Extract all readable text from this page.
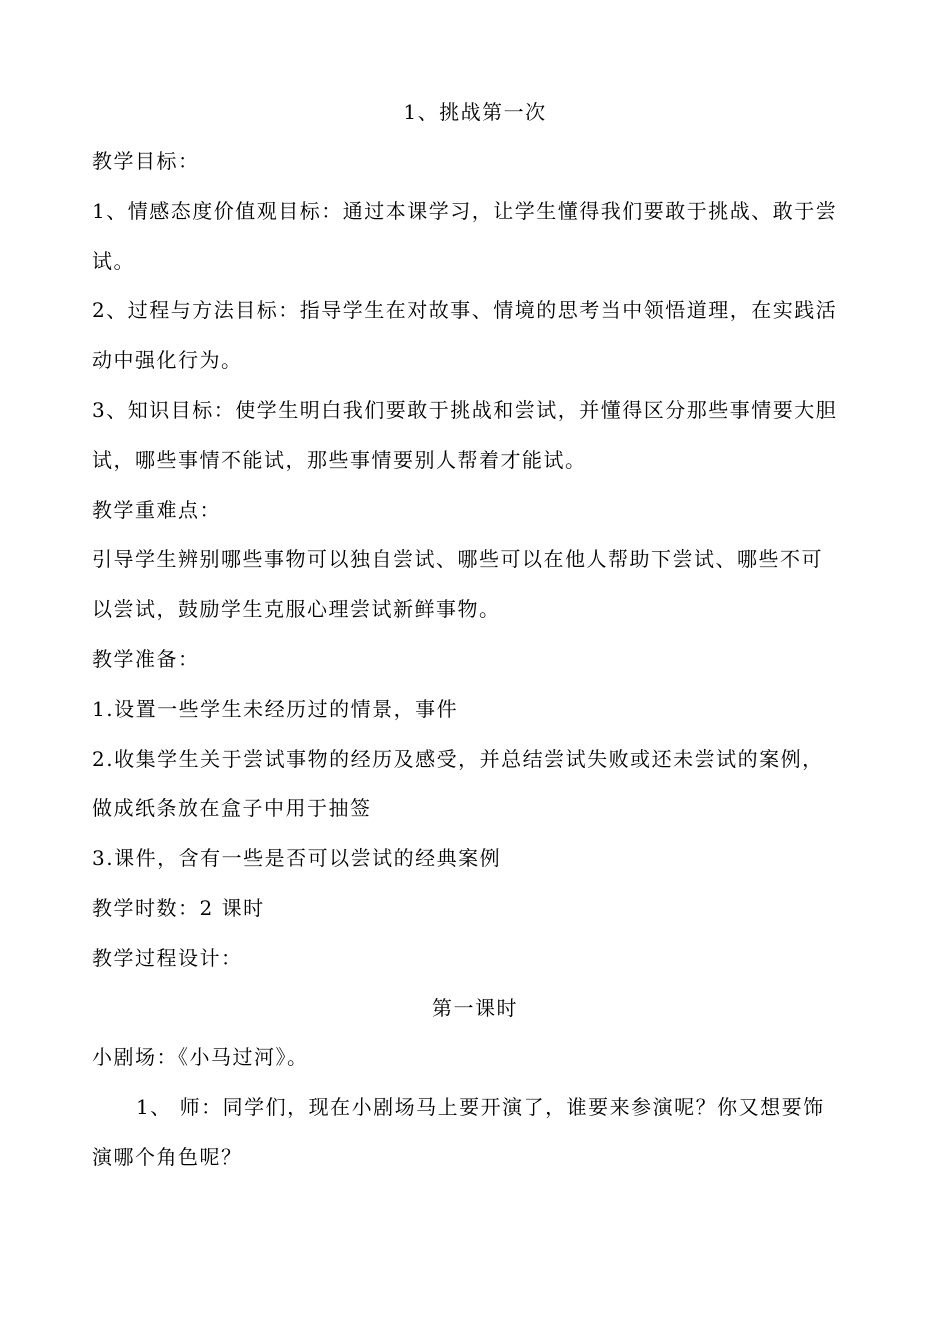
1、挑战第一次
教学目标：
1、情感态度价值观目标：通过本课学习，让学生懂得我们要敢于挑战、敢于尝
试。
2、过程与方法目标：指导学生在对故事、情境的思考当中领悟道理，在实践活
动中强化行为。
3、知识目标：使学生明白我们要敢于挑战和尝试，并懂得区分那些事情要大胆
试，哪些事情不能试，那些事情要别人帮着才能试。
教学重难点：
引导学生辨别哪些事物可以独自尝试、哪些可以在他人帮助下尝试、哪些不可
以尝试，鼓励学生克服心理尝试新鲜事物。
教学准备：
1.设置一些学生未经历过的情景，事件
2.收集学生关于尝试事物的经历及感受，并总结尝试失败或还未尝试的案例，
做成纸条放在盒子中用于抽签
3.课件，含有一些是否可以尝试的经典案例
教学时数：2 课时
教学过程设计：
第一课时
小剧场：《小马过河》。
1、 师：同学们，现在小剧场马上要开演了，谁要来参演呢？你又想要饰
演哪个角色呢？
